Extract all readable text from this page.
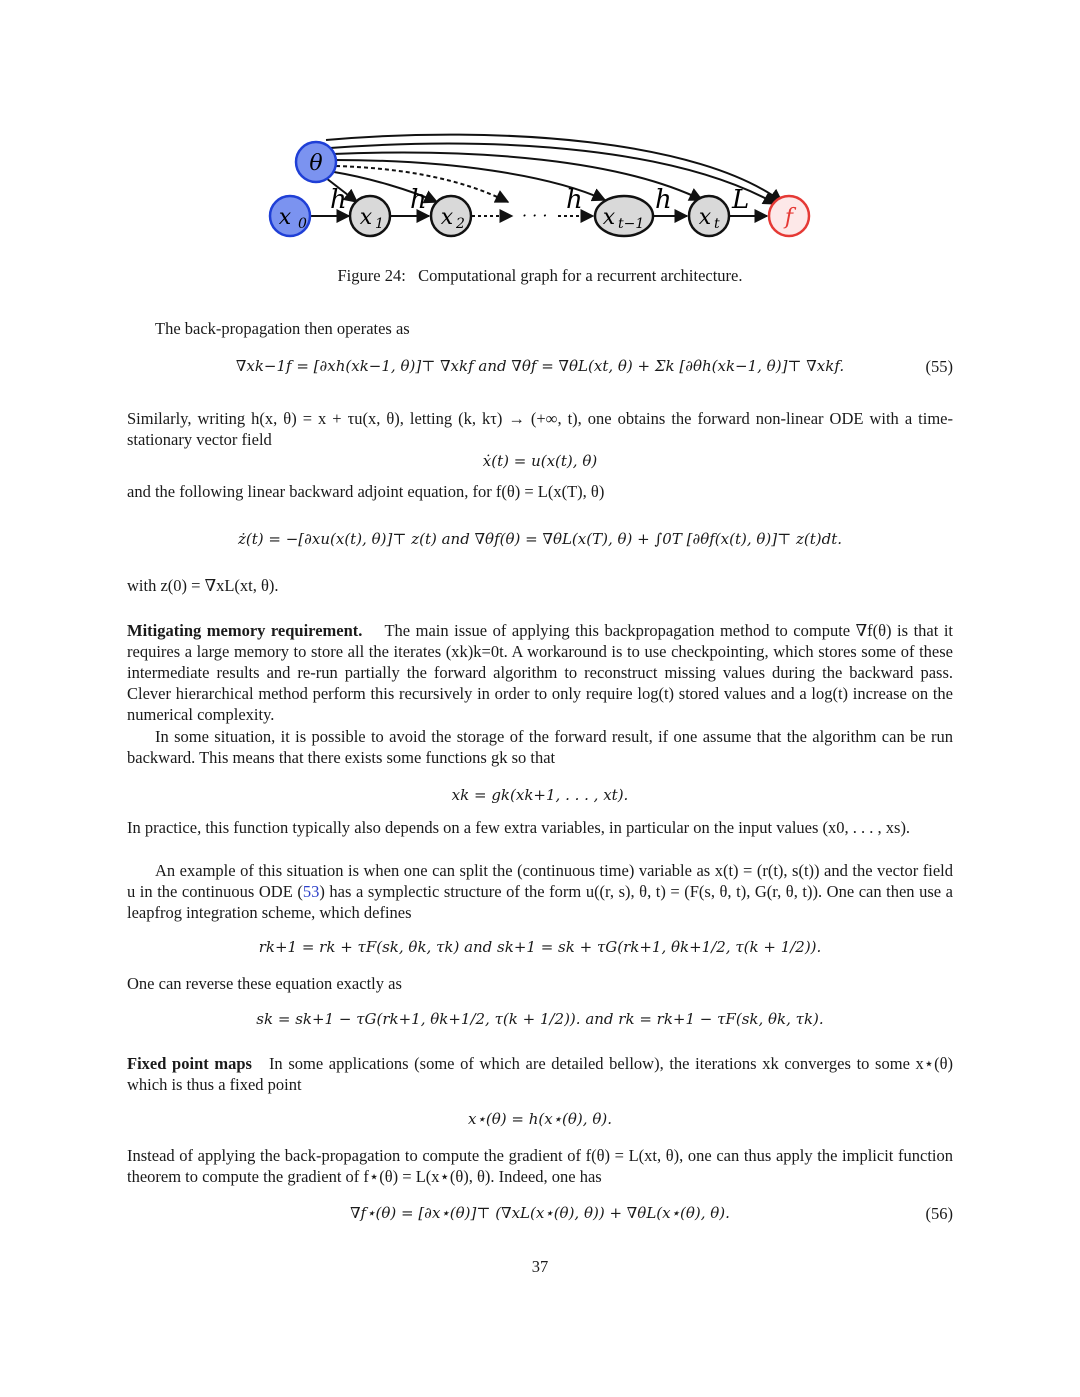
h h	h	h L
· · ·
θ
x 0 x 1	x 2	x t−1 x t	f
Figure 24:   Computational graph for a recurrent architecture.
The back-propagation then operates as
∇xk−1f = [∂xh(xk−1, θ)]⊤ ∇xkf and ∇θf = ∇θL(xt, θ) + Σk [∂θh(xk−1, θ)]⊤ ∇xkf.	(55)
Similarly, writing h(x, θ) = x + τu(x, θ), letting (k, kτ) → (+∞, t), one obtains the forward non-linear ODE with a time-stationary vector field
ẋ(t) = u(x(t), θ)
and the following linear backward adjoint equation, for f(θ) = L(x(T), θ)
ż(t) = −[∂xu(x(t), θ)]⊤ z(t) and ∇θf(θ) = ∇θL(x(T), θ) + ∫0T [∂θf(x(t), θ)]⊤ z(t)dt.
with z(0) = ∇xL(xt, θ).
Mitigating memory requirement. The main issue of applying this backpropagation method to compute ∇f(θ) is that it requires a large memory to store all the iterates (xk)k=0t. A workaround is to use checkpointing, which stores some of these intermediate results and re-run partially the forward algorithm to reconstruct missing values during the backward pass. Clever hierarchical method perform this recursively in order to only require log(t) stored values and a log(t) increase on the numerical complexity.
In some situation, it is possible to avoid the storage of the forward result, if one assume that the algorithm can be run backward. This means that there exists some functions gk so that
xk = gk(xk+1, . . . , xt).
In practice, this function typically also depends on a few extra variables, in particular on the input values (x0, . . . , xs).
An example of this situation is when one can split the (continuous time) variable as x(t) = (r(t), s(t)) and the vector field u in the continuous ODE (53) has a symplectic structure of the form u((r, s), θ, t) = (F(s, θ, t), G(r, θ, t)). One can then use a leapfrog integration scheme, which defines
rk+1 = rk + τF(sk, θk, τk) and sk+1 = sk + τG(rk+1, θk+1/2, τ(k + 1/2)).
One can reverse these equation exactly as
sk = sk+1 − τG(rk+1, θk+1/2, τ(k + 1/2)). and rk = rk+1 − τF(sk, θk, τk).
Fixed point maps In some applications (some of which are detailed bellow), the iterations xk converges to some x⋆(θ) which is thus a fixed point
x⋆(θ) = h(x⋆(θ), θ).
Instead of applying the back-propagation to compute the gradient of f(θ) = L(xt, θ), one can thus apply the implicit function theorem to compute the gradient of f⋆(θ) = L(x⋆(θ), θ). Indeed, one has
∇f⋆(θ) = [∂x⋆(θ)]⊤ (∇xL(x⋆(θ), θ)) + ∇θL(x⋆(θ), θ).	(56)
37
